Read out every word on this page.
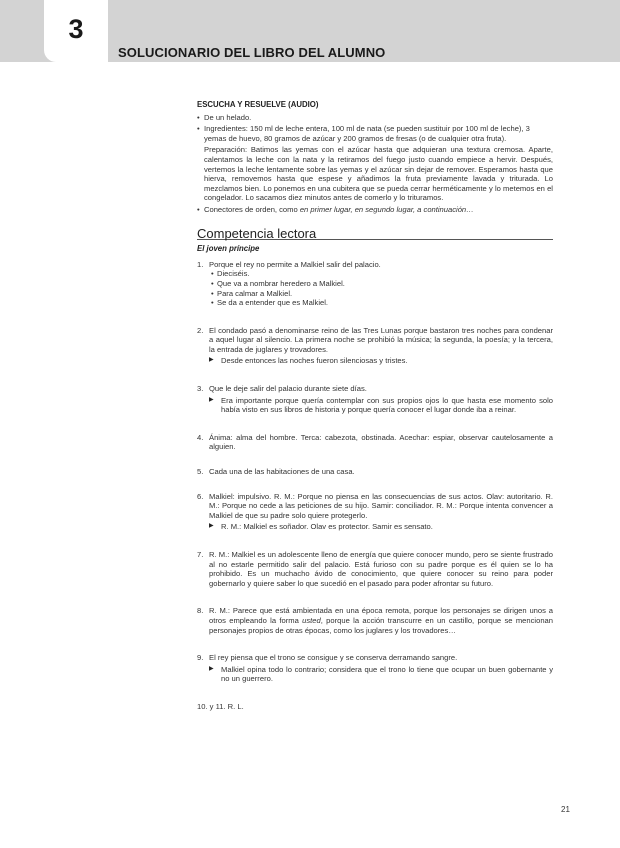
3
SOLUCIONARIO DEL LIBRO DEL ALUMNO
ESCUCHA Y RESUELVE (AUDIO)
• De un helado.
• Ingredientes: 150 ml de leche entera, 100 ml de nata (se pueden sustituir por 100 ml de leche), 3 yemas de huevo, 80 gramos de azúcar y 200 gramos de fresas (o de cualquier otra fruta).
Preparación: Batimos las yemas con el azúcar hasta que adquieran una textura cremosa. Aparte, calentamos la leche con la nata y la retiramos del fuego justo cuando empiece a hervir. Después, vertemos la leche lentamente sobre las yemas y el azúcar sin dejar de remover. Esperamos hasta que hierva, removemos hasta que espese y añadimos la fruta previamente lavada y triturada. Lo mezclamos bien. Lo ponemos en una cubitera que se pueda cerrar herméticamente y lo metemos en el congelador. Lo sacamos diez minutos antes de comerlo y lo trituramos.
• Conectores de orden, como en primer lugar, en segundo lugar, a continuación…
Competencia lectora
El joven príncipe
1. Porque el rey no permite a Malkiel salir del palacio.
• Dieciséis.
• Que va a nombrar heredero a Malkiel.
• Para calmar a Malkiel.
• Se da a entender que es Malkiel.
2. El condado pasó a denominarse reino de las Tres Lunas porque bastaron tres noches para condenar a aquel lugar al silencio. La primera noche se prohibió la música; la segunda, la poesía; y la tercera, la entrada de juglares y trovadores.
▶ Desde entonces las noches fueron silenciosas y tristes.
3. Que le deje salir del palacio durante siete días.
▶ Era importante porque quería contemplar con sus propios ojos lo que hasta ese momento solo había visto en sus libros de historia y porque quería conocer el lugar donde iba a reinar.
4. Ánima: alma del hombre. Terca: cabezota, obstinada. Acechar: espiar, observar cautelosamente a alguien.
5. Cada una de las habitaciones de una casa.
6. Malkiel: impulsivo. R. M.: Porque no piensa en las consecuencias de sus actos. Olav: autoritario. R. M.: Porque no cede a las peticiones de su hijo. Samir: conciliador. R. M.: Porque intenta convencer a Malkiel de que su padre solo quiere protegerlo.
▶ R. M.: Malkiel es soñador. Olav es protector. Samir es sensato.
7. R. M.: Malkiel es un adolescente lleno de energía que quiere conocer mundo, pero se siente frustrado al no estarle permitido salir del palacio. Está furioso con su padre porque es él quien se lo ha prohibido. Es un muchacho ávido de conocimiento, que quiere conocer su reino para poder gobernarlo y quiere saber lo que sucedió en el pasado para poder afrontar su futuro.
8. R. M.: Parece que está ambientada en una época remota, porque los personajes se dirigen unos a otros empleando la forma usted, porque la acción transcurre en un castillo, porque se mencionan personajes propios de otras épocas, como los juglares y los trovadores…
9. El rey piensa que el trono se consigue y se conserva derramando sangre.
▶ Malkiel opina todo lo contrario; considera que el trono lo tiene que ocupar un buen gobernante y no un guerrero.
10. y 11. R. L.
21
